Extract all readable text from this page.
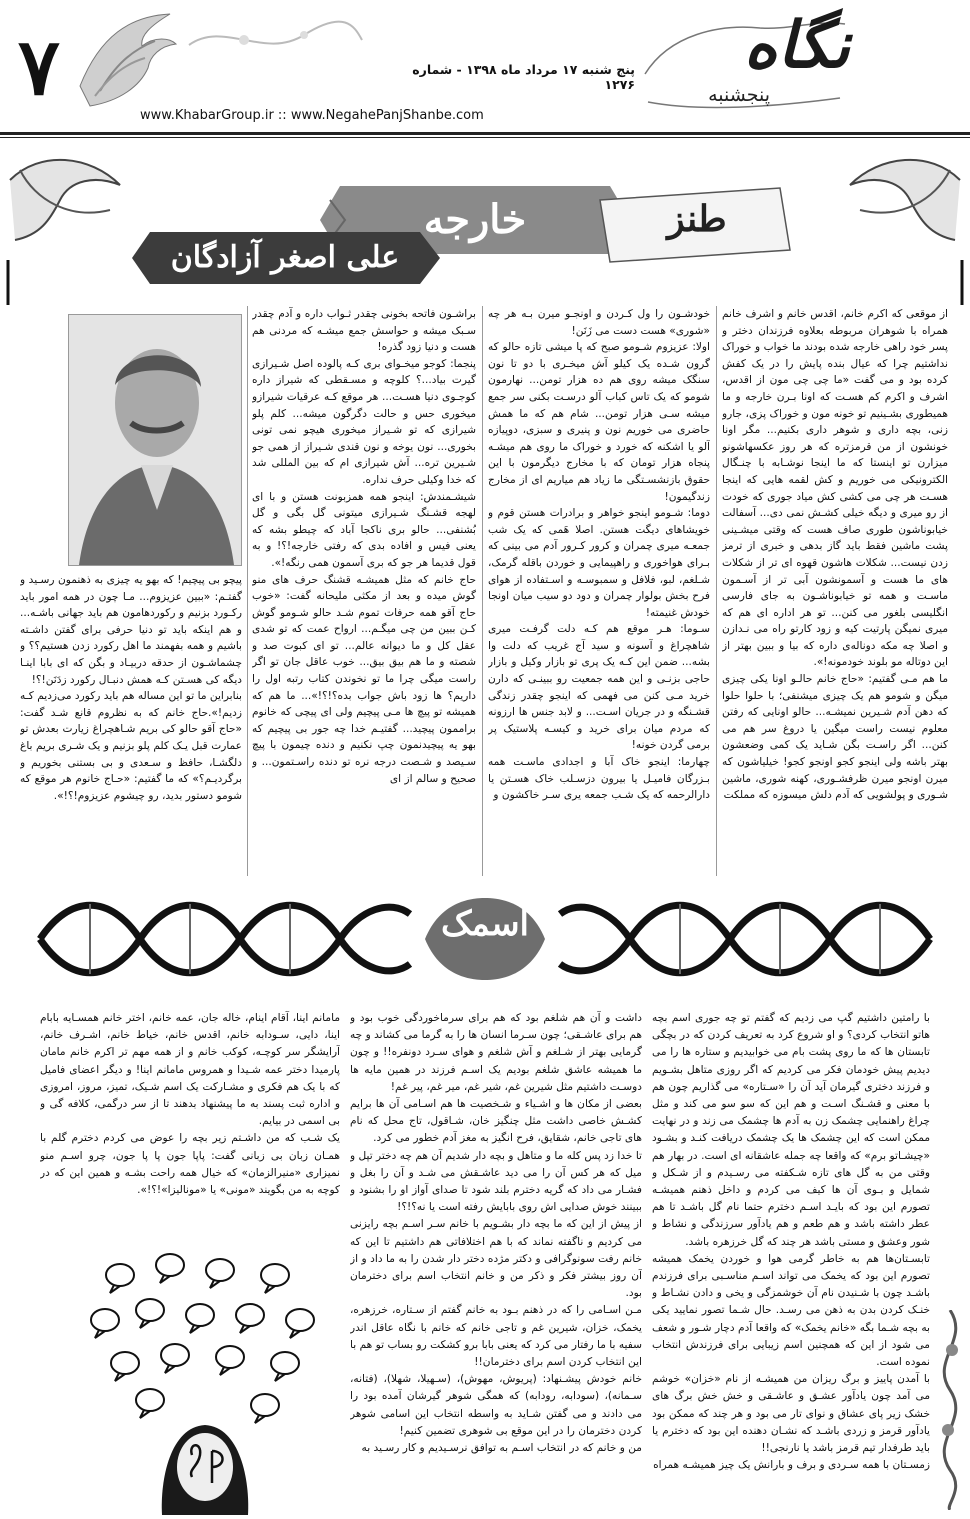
۷	نگاه
پنجشنبه
پنج شنبه ۱۷ مرداد ماه ۱۳۹۸ - شماره ۱۲۷۶
www.KhabarGroup.ir :: www.NegahePanjShanbe.com
خارجه
علی اصغر آزادگان
طنز

از موقعی که اکرم خانم، اقدس خانم و اشرف خانم همراه با شوهران مربوطه بعلاوه فرزندان دختر و پسر خود راهی خارجه شده بودند ما خواب و خوراک نداشتیم چرا که عیال بنده پایش را در یک کفش کرده بود و می گفت «ما چی چی مون از اقدس، اشرف و اکرم کم هسـت که اونا بـرن خارجه و ما همیطوری بشـینیم تو خونه مون و خوراک پزی، جارو زنی، بچه داری و شوهر داری بکنیم... مگر اونا خونشون از من قرمزتره که هر روز عکسهاشونو میزارن تو اینستا که ما اینجا نوشـابه با چنـگال الکترونیکی می خوریم و کش لقمه هایی که اینجا هسـت هر چی می کشی کش میاد جوری که خودت از رو میری و دیگه خیلی کشـش نمی دی... آسفالت خیابوناشون طوری صاف هست که وقتی میشـینی پشت ماشین فقط باید گاز بدهی و خبری از ترمز زدن نیست... شکلات هاشون قهوه ای تر از شکلات های ما هست و آسمونشون آبی تر از آسـمون ماسـت و همه تو خیابوناشـون به جای فارسی انگلیسی بلغور می کنن... تو هر اداره ای هم که میری نمیگن پارتیت کیه و زود کارتو راه می نـدازن و اصلا چه مکه دوناله‌ی داره که بیا و ببین بهتر از این دوتاله مو بلوند خودمونه!».

ما هم مـی گفتیم: «حاج خانم حالـو اونا یکی چیزی میگن و شومو هم یک چیزی میشنفی؛ با حلوا حلوا که دهن آدم شـیرین نمیشـه... حالو اونایی که رفتن معلوم نیست راست میگین یا دروغ سر هم می کنن... اگر راسـت بگن شـاید یک کمی وضعشون بهتر باشه ولی اینجو کجو اونجو کجو! خیلیاشون که میرن اونجو میرن ظرفشـوری، کهنه شوری، ماشین شـوری و پولشویی که آدم دلش میسوزه که مملکت

خودشـون را ول کـردن و اونجـو میرن بـه هر چه «شوری» هست دست می زَنَن!

اولا: عزیزوم شـومو صبح که پا میشی تازه حالو که گرون شـده یک کیلو آش میخـری با دو تا نون سنگک میشه روی هم ده هزار تومن... نهارمون شومو که یک تاس کباب آلو درسـت بکنی سر جمع میشه سـی هزار تومن... شام هم که ما همش حاضری می خوریم نون و پنیری و سبزی، دوپیازه آلو یا اشکنه که خورد و خوراک ما روی هم میشـه پنجاه هزار تومان که با مخارج دیگرمون با این حقوق بازنشسـتگی ما زیاد هم میاریم ای از مخارج زندگیمون!

دوما: شـومو اینجو خواهر و برادرات هستن قوم و خویشاهای دیگت هستن. اصلا هَمی که یک شب جمعـه میری چمران و کرور کـرور آدم می بینی که بـرای هواخوری و راهپیمایی و خوردن باقله گرمک، شـلغم، لبو، فلافل و سمبوسـه و اسـتفاده از هوای فرح بخش بولوار چمران و دود دو سیب میان اونجا خودش غنیمته!

سـوما: هـر موقع هم کـه دلت گرفـت میری شاهچراغ و آسونه و سید آج غریب که دلت وا بشه... ضمن این کـه یک پری تو بازار وکیل و بازار حاجی بزنـی و این همه جمعیت رو ببینـی که دارن خرید مـی کنن می فهمی که اینجو چقدر زندگی قشـنگه و در جریان اسـت... و لابد جنس ها ارزونه که مردم میان برای خرید و کیسـه پلاستیک پر برمی گردن خونه!

چهارما: اینجو خاک آبا و اجدادی ماسـت همه بـزرگان فامیـل یا بیرون دزسـلب خاک هسـتن یا دارالرحمه که یک شـب جمعه یری سـر خاکشون و

براشـون فاتحه بخونی چقدر ثـواب داره و آدم چقدر سـبک میشه و حواسش جمع میشـه که مردنی هم هست و دنیا زود گذره!

پنجما: کوجو میخـوای بری کـه پالوده اصل شـیرازی گیرت بیاد...؟ کلوچه و مسـقطی که شیراز داره کوجـوی دنیا هسـت... هر موقع کـه عرقیات شیرازو میخوری حس و حالت دگرگون میشه... کلم پلو شیرازی که تو شـیراز میخوری هیچو نمی تونی بخوری... نون یوخه و نون قندی شـیراز از همی جو شـیرین تره... آش شیرازی ام که بین المللی شد که خدا وکیلی حرف نداره.

شیشـمندش: اینجو همه همزبونت هستن و با ای لهجه قشـنگ شـیرازی میتونی گل بگی و گل بُشنفی... حالو بری ناکجا آباد که چیطو بشه که یعنی فیس و افاده بدی که رفتی خارجه!؟! و به قول قدیما هر جو که بری آسمون همی رنگه!».

حاج خانم که مثل همیشـه قشنگ حرف های منو گوش میده و بعد از مکثی ملیحانه گفت: «خوب حاج آقو همه حرفات تموم شـد حالو شـومو گوش کـن ببین من چی میگـم... ارواح عمت که تو شدی عقل کل و ما دیوانه عالم... تو ای کبوت صد و شصته و ما هم بیق بیق... خوب عاقل جان تو اگر راست میگی چرا ما تو نخوندن کتاب رتبه اول را داریم؟ ها زود باش جواب بده؟!؟!»... ما هم که همیشه تو پیچ ها مـی پیچیم ولی ای پیچی که خانوم براممون پیچید... گفتیـم خدا چه جور بی پیچیم که بهو یه پیچیدنمون چپ نکنیم و دنده چیمون با پیچ سـیصد و شـصت درجه نره تو دنده راسـتمون... و صحیح و سالم از ای

پیچو بی پیچیم! که بهو یه چیزی به ذهنمون رسـید و گفتـم: «ببین عزیزوم... مـا چون در همه امور باید رکـورد بزنیم و رکوردهامون هم باید جهانی باشـه... و هم اینکه باید تو دنیا حرفی برای گفتن داشـته باشیم و همه بفهمند ما اهل رکورد زدن هستیم؟؟ و چشماشـون از حدقه دربیـاد و بگن که ای بابا اینـا دیگه کی هسـتن کـه همش دنبـال رکورد زدَنَن!؟!

بنابراین ما تو این مساله هم باید رکورد می‌زدیم کـه زدیم!».حاج خانم که به نظروم قانع شـد گفت: «حاج آقو حالو کی بریم شـاهچراغ زیارت بعدش تو عمارت قبل یـک کلم پلو بزنیم و یک شـری بریم باغ دلگشـا، حافظ و سـعدی و بی بستنی بخوریم و برگردیـم؟» که ما گفتیم: «حـاج خانوم هر موقع که شومو دستور بدید، رو چیشوم عزیزوم!؟!».

اسمک

با رامتین داشتیم گپ می زدیم که گفتم تو چه جوری اسم بچه هاتو انتخاب کردی؟ و او شروع کرد به تعریف کردن که در بچگی تابستان ها که ما روی پشت بام می خوابیدیم و ستاره ها را می دیدیم پیش خودمان فکر می کردیم که اگر روزی متاهل بشـویم و فرزند دختری گیرمان آید آن را «سـتاره» می گذاریم چون هم با معنی و قشـنگ اسـت و هم این که سو سو می کند و مثل چراغ راهنمایی چشمک زن به آدم ها چشمک می زند و در نهایت ممکن است که این چشمک ها یک چشمک دریافت کنـد و بشـود «چیشـاتو برم» که واقعا چه جمله عاشقانه ای است. در بهار هم وقتی من به گل های تازه شـکفته می رسـیدم و از شـکل و شمایل و بـوی آن ها کیف می کردم و داخل ذهنم همیشـه تصورم این بود که بایـد اسـم دخترم حتما نام گل باشـد تا هم عطر داشته باشد و هم طعم و هم یادآور سرزندگی و نشاط و شور وعشق و مستی باشد هر چند که گل خرزهره باشد.

تابسـتان‌ها هم به خاطر گرمی هوا و خوردن یخمک همیشه تصورم این بود که یخمک می تواند اسـم مناسـبی برای فرزندم باشـد چون با شـنیدن نام آن خوشمزگی و یخی و دادن نشـاط و خنـک کردن بدن به ذهن می رسـد. حال شـما تصور نمایید یکی به بچه شـما بگه «خانم یخمک» که واقعا آدم دچار شـور و شعف می شود از این که همچنین اسم زیبایی برای فرزندش انتخاب نموده است.

با آمدن پاییز و برگ ریزان من همیشـه از نام «خزان» خوشم می آمد چون یادآور عشـق و عاشـقی و خش خش برگ های خشک زیر پای عشاق و نوای تار می بود و هر چند که ممکن بود یادآور قرمز و زردی باشـد که نشـان دهنده این بود که دخترم یا باید طرفدار تیم قرمز باشد یا نارنجی!!

زمسـتان با همه سـردی و برف و بارانش یک چیز همیشـه همراه

داشت و آن هم شلغم بود که هم برای سرماخوردگی خوب بود و هم برای عاشـقی؛ چون سـرما انسان ها را به گرما می کشاند و چه گرمایی بهتر از شـلغم و آش شلغم و هوای سـرد دونفره!! و چون ما همیشه عاشق شلغم بودیم یک اسـم فرزند در همین مایه ها دوسـت داشتیم مثل شیرین غم، شیر غم، میر غم، پیر غم!

بعضی از مکان ها و اشـیاء و شـخصیت ها هم اسـامی آن ها برایم کشـش خاصی داشت مثل چنگیز خان، شـاقول، تاج محل که نام های تاجی خانم، شقایق، فرح انگیز به مغز آدم خطور می کرد.

تا خدا زد پس کله ما و متاهل و بچه دار شدیم آن هم چه دختر تپل و میل که هر کس آن را می دید عاشـقش می شـد و آن را بغل و فشـار می داد که گریه دخترم بلند شود تا صدای آواز او را بشنود و ببینند خوش صدایی اش روی بابایش رفته است یا نه؟!؟!

از پیش از این که ما بچه دار بشـویم با خانم سـر اسـم بچه رایزنی می کردیم و ناگفته نماند که با هم اختلافاتی هم داشتیم تا این که خانم رفت سونوگرافی و دکتر مژده دختر دار شدن را به ما داد و از آن روز بیشتر فکر و ذکر من و خانم انتخاب اسم برای دخترمان بود.

مـن اسـامی را که در ذهنم بـود به خانم گفتم از سـتاره، خرزهره، یخمک، خزان، شیرین غم و تاجی خانم که خانم با نگاه عاقل اندر سفیه با ما رفتار می کرد که یعنی بابا برو کشکت رو بساب تو هم با این انتخاب کردن اسم برای دخترمان!!

خانم خودش پیشـنهاد: (پریوش، مهوش)، (سـهیلا، شهلا)، (فتانه، سـمانه)، (سودابه، رودابه) که همگی شوهر گیرشان آمده بود را می دادند و می گفتن شـاید به واسطه انتخاب این اسامی شوهر کردن دخترمان را در این موقع بی شوهری تضمین کنیم!

من و خانم که در انتخاب اسـم به توافق نرسـیدیم و کار رسـید به

مامانم اینا، آقام اینام، خاله جان، عمه خانم، اختر خانم همسـایه بابام اینا، دایی، سـودابه خانم، اقدس خانم، خیاط خانم، اشـرف خانم، آرایشگر سر کوچـه، کوکب خانم و از همه مهم تر اکرم خانم مامان پارمیدا دختر عمه شـیدا و همروس مامانم اینا! و دیگر اعضای فامیل که با یک هم فکری و مشـارکت یک اسم شـیک، تمیز، مروز، امروزی و اداره ثبت پسند به ما پیشنهاد بدهند تا از سر درگمی، کلافه گی و بی اسمی در بیایم.

یک شـب که من داشـتم زیر بچه را عوض می کردم دخترم گلم با همـان زبان بی زبانی گفت: پاپا جون پا پا جون، چرو اسـم منو نمیزاری «منیرالزمان» که خیال همه راحت بشـه و همین این که در کوچه به من بگویند «مونی» یا «مونالیزا»!؟!».
